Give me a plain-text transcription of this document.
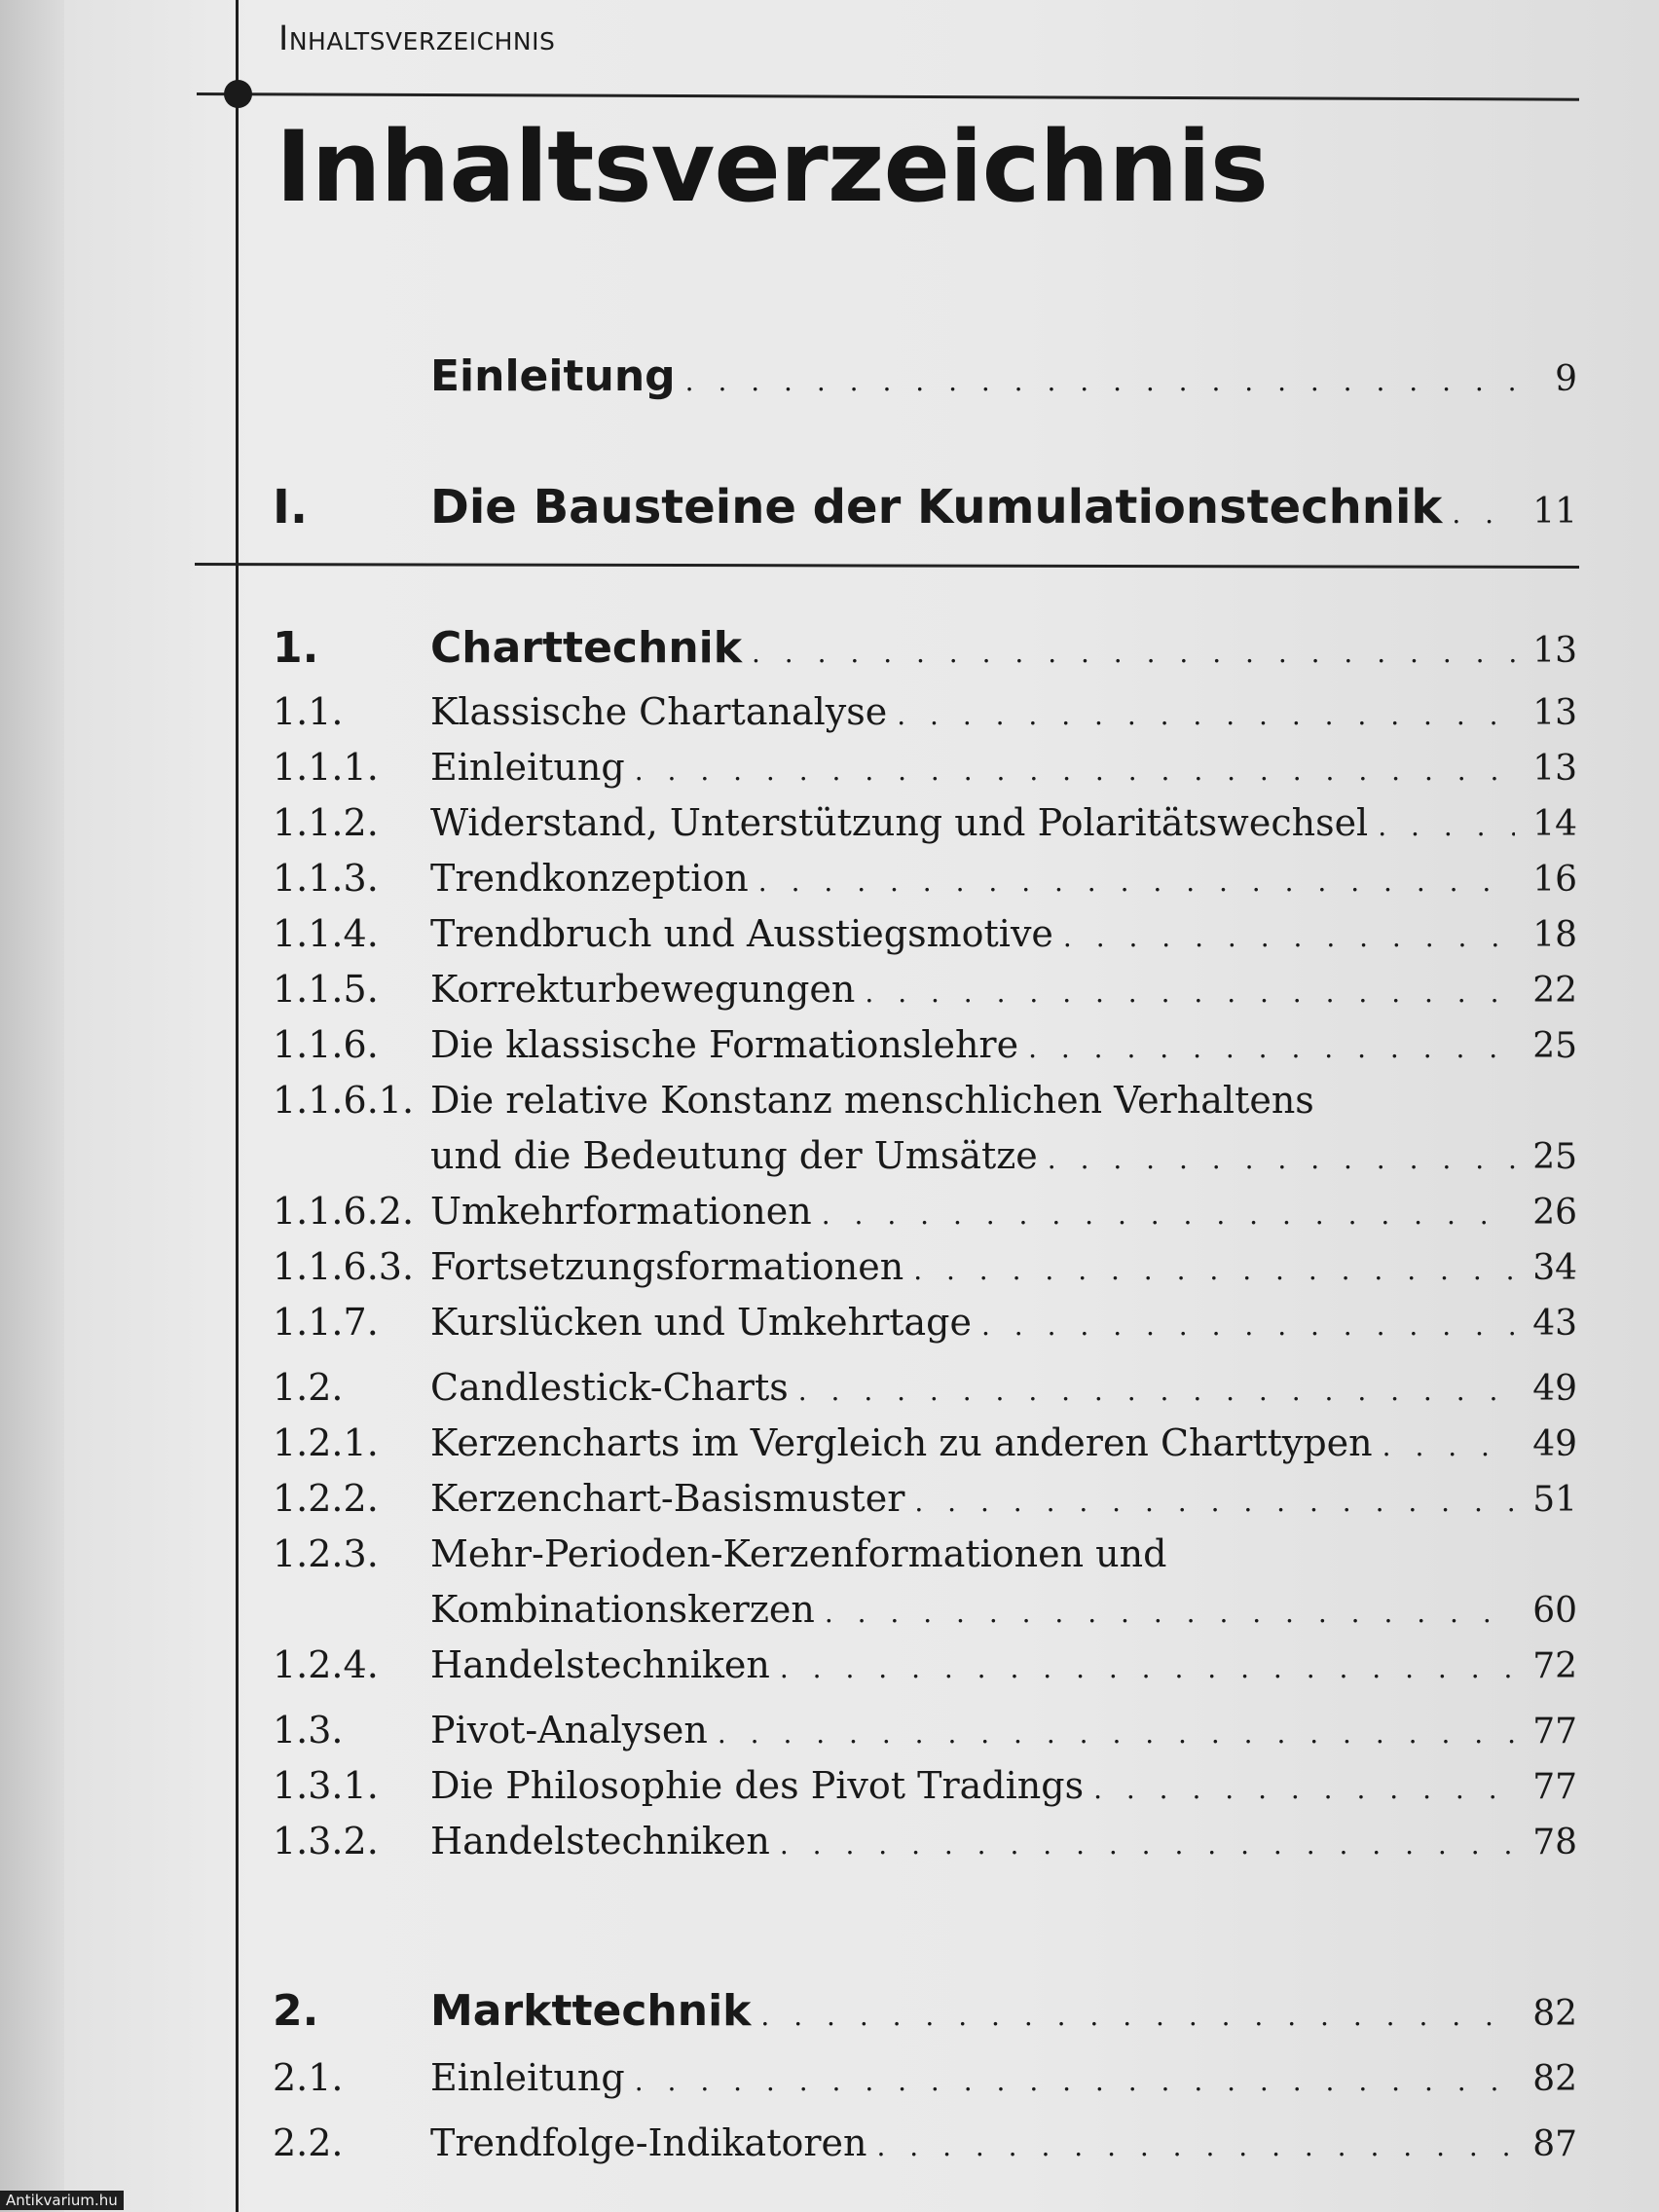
Inhaltsverzeichnis
Inhaltsverzeichnis
Einleitung . . .	9
I.	Die Bausteine der Kumulationstechnik . . .	11
1.	Charttechnik . . .	13
1.1.	Klassische Chartanalyse . . .	13
1.1.1.	Einleitung . . .	13
1.1.2.	Widerstand, Unterstützung und Polaritätswechsel . . .	14
1.1.3.	Trendkonzeption . . .	16
1.1.4.	Trendbruch und Ausstiegsmotive . . .	18
1.1.5.	Korrekturbewegungen . . .	22
1.1.6.	Die klassische Formationslehre . . .	25
1.1.6.1. Die relative Konstanz menschlichen Verhaltens
und die Bedeutung der Umsätze . . .	25
1.1.6.2. Umkehrformationen . . .	26
1.1.6.3. Fortsetzungsformationen . . .	34
1.1.7.	Kurslücken und Umkehrtage . . .	43
1.2.	Candlestick-Charts . . .	49
1.2.1.	Kerzencharts im Vergleich zu anderen Charttypen . . .	49
1.2.2.	Kerzenchart-Basismuster . . .	51
1.2.3.	Mehr-Perioden-Kerzenformationen und
Kombinationskerzen . . .	60
1.2.4.	Handelstechniken . . .	72
1.3.	Pivot-Analysen . . .	77
1.3.1.	Die Philosophie des Pivot Tradings . . .	77
1.3.2.	Handelstechniken . . .	78
2.	Markttechnik . . .	82
2.1.	Einleitung . . .	82
2.2.	Trendfolge-Indikatoren . . .	87
Antikvarium.hu
